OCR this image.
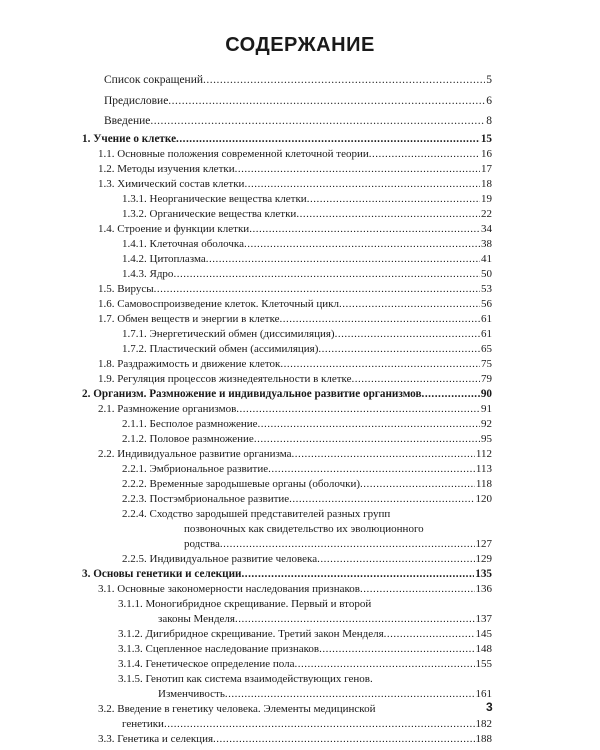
СОДЕРЖАНИЕ
Список сокращений .....	5
Предисловие .....	6
Введение .....	8
1. Учение о клетке .....	15
1.1. Основные положения современной клеточной теории .....	16
1.2. Методы изучения клетки .....	17
1.3. Химический состав клетки .....	18
1.3.1. Неорганические вещества клетки .....	19
1.3.2. Органические вещества клетки .....	22
1.4. Строение и функции клетки .....	34
1.4.1. Клеточная оболочка .....	38
1.4.2. Цитоплазма .....	41
1.4.3. Ядро .....	50
1.5. Вирусы .....	53
1.6. Самовоспроизведение клеток. Клеточный цикл .....	56
1.7. Обмен веществ и энергии в клетке .....	61
1.7.1. Энергетический обмен (диссимиляция) .....	61
1.7.2. Пластический обмен (ассимиляция) .....	65
1.8. Раздражимость и движение клеток .....	75
1.9. Регуляция процессов жизнедеятельности в клетке .....	79
2. Организм. Размножение и индивидуальное развитие организмов .....	90
2.1. Размножение организмов .....	91
2.1.1. Бесполое размножение .....	92
2.1.2. Половое размножение .....	95
2.2. Индивидуальное развитие организма .....	112
2.2.1. Эмбриональное развитие .....	113
2.2.2. Временные зародышевые органы (оболочки) .....	118
2.2.3. Постэмбриональное развитие .....	120
2.2.4. Сходство зародышей представителей разных групп
позвоночных как свидетельство их эволюционного
родства .....	127
2.2.5. Индивидуальное развитие человека .....	129
3. Основы генетики и селекции .....	135
3.1. Основные закономерности наследования признаков .....	136
3.1.1. Моногибридное скрещивание. Первый и второй
законы Менделя .....	137
3.1.2. Дигибридное скрещивание. Третий закон Менделя .....	145
3.1.3. Сцепленное наследование признаков .....	148
3.1.4. Генетическое определение пола .....	155
3.1.5. Генотип как система взаимодействующих генов.
Изменчивость .....	161
3.2. Введение в генетику человека. Элементы медицинской
генетики .....	182
3.3. Генетика и селекция .....	188
3
